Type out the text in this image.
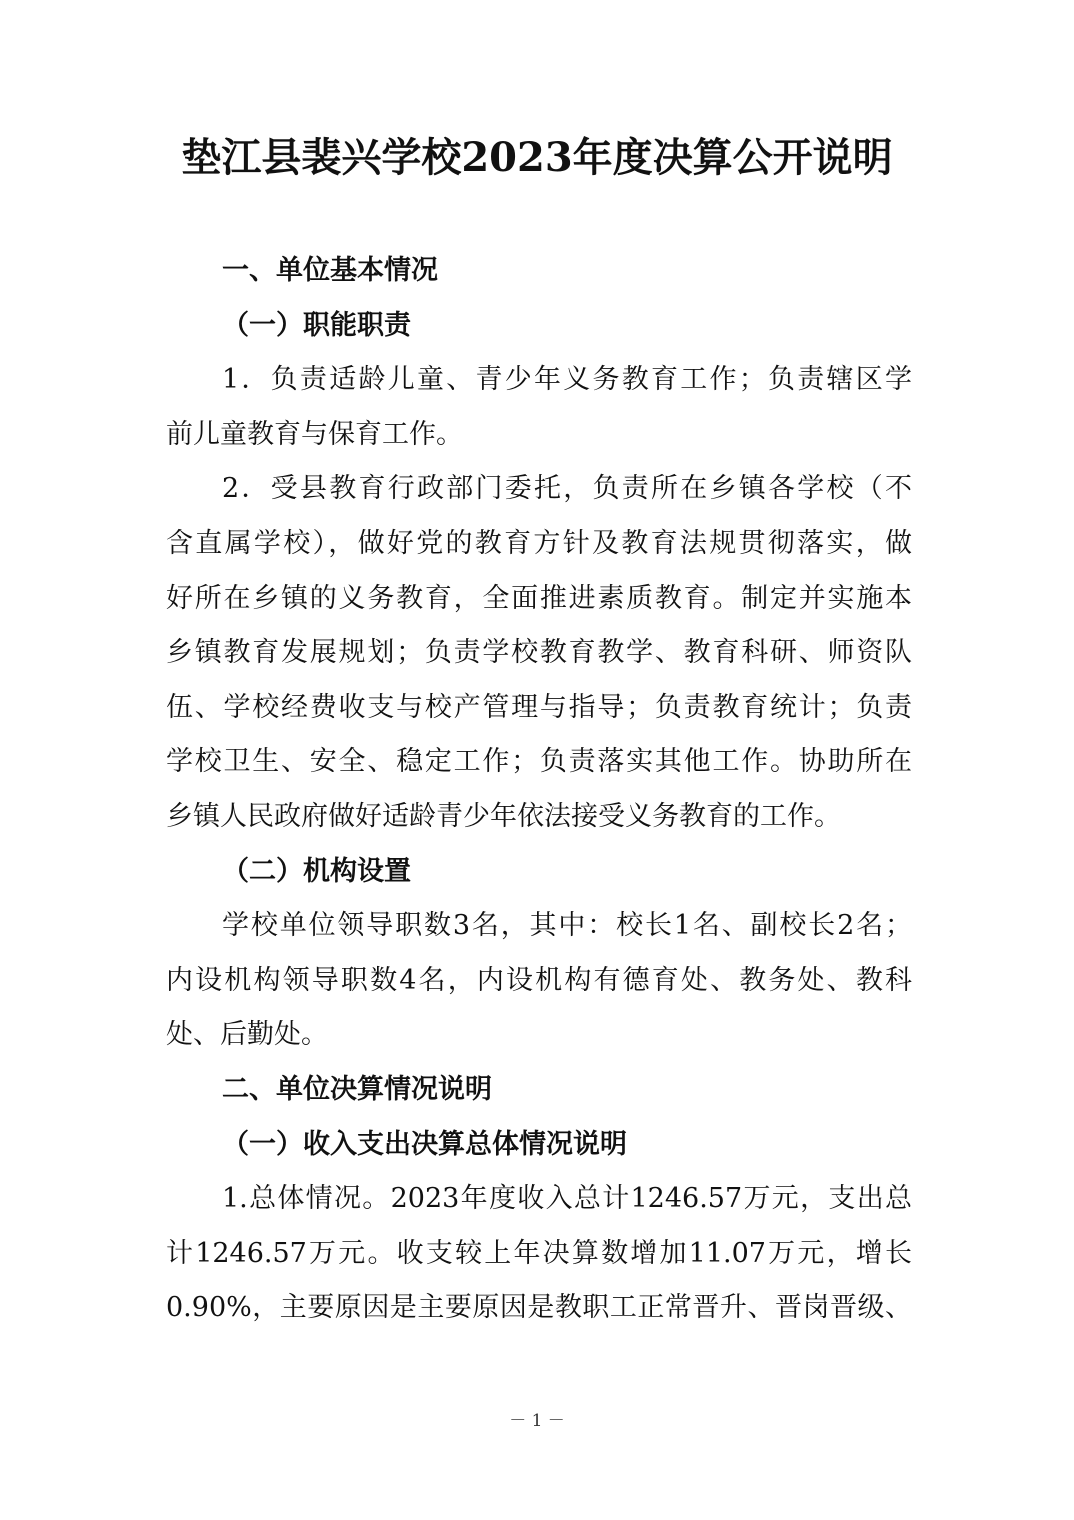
垫江县裴兴学校2023年度决算公开说明
一、单位基本情况
（一）职能职责
1．负责适龄儿童、青少年义务教育工作；负责辖区学
前儿童教育与保育工作。
2．受县教育行政部门委托，负责所在乡镇各学校（不
含直属学校），做好党的教育方针及教育法规贯彻落实，做
好所在乡镇的义务教育，全面推进素质教育。制定并实施本
乡镇教育发展规划；负责学校教育教学、教育科研、师资队
伍、学校经费收支与校产管理与指导；负责教育统计；负责
学校卫生、安全、稳定工作；负责落实其他工作。协助所在
乡镇人民政府做好适龄青少年依法接受义务教育的工作。
（二）机构设置
学校单位领导职数3名，其中：校长1名、副校长2名；
内设机构领导职数4名，内设机构有德育处、教务处、教科
处、后勤处。
二、单位决算情况说明
（一）收入支出决算总体情况说明
1.总体情况。2023年度收入总计1246.57万元，支出总
计1246.57万元。收支较上年决算数增加11.07万元，增长
0.90%，主要原因是主要原因是教职工正常晋升、晋岗晋级、
－ 1 －
